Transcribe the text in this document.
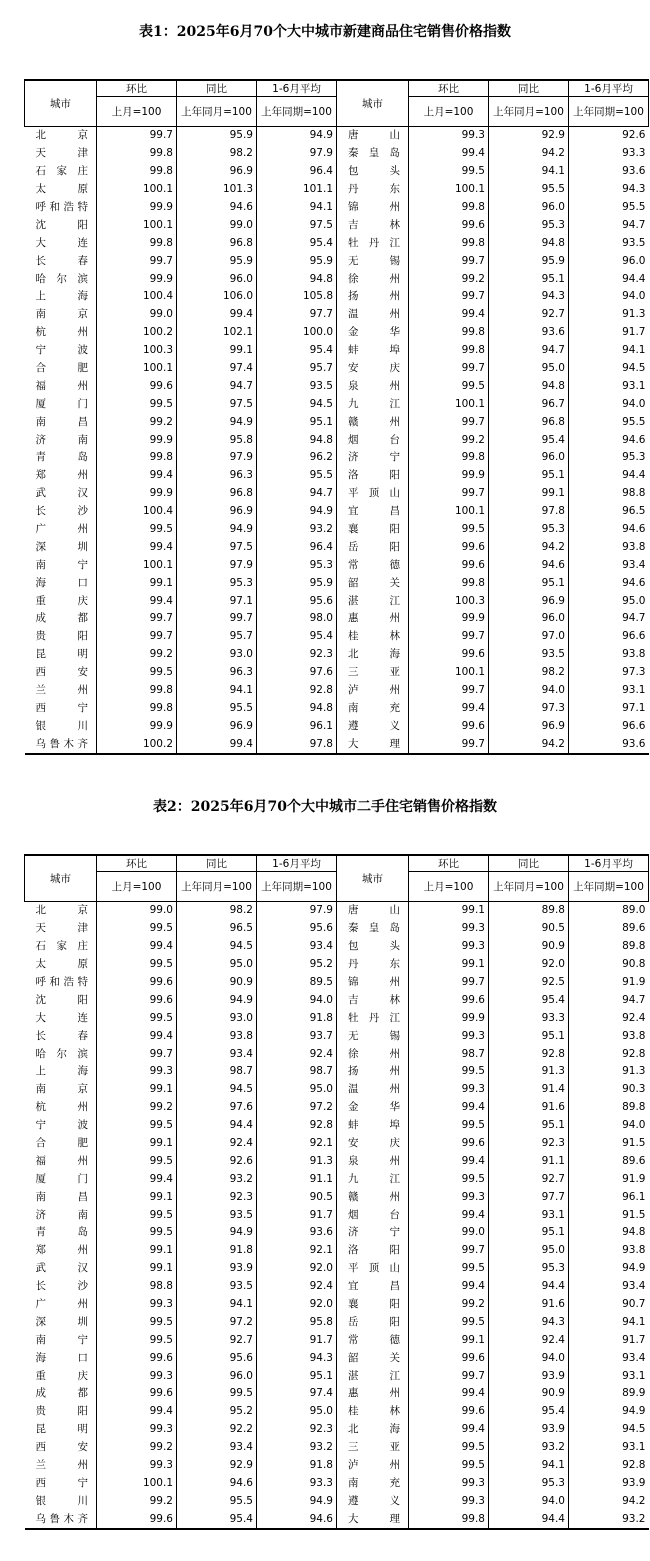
表1：2025年6月70个大中城市新建商品住宅销售价格指数
城市	环比	同比	1-6月平均	城市	环比	同比	1-6月平均
	上月=100	上年同月=100	上年同期=100		上月=100	上年同月=100	上年同期=100
北京	99.7	95.9	94.9	唐山	99.3	92.9	92.6
天津	99.8	98.2	97.9	秦皇岛	99.4	94.2	93.3
石家庄	99.8	96.9	96.4	包头	99.5	94.1	93.6
太原	100.1	101.3	101.1	丹东	100.1	95.5	94.3
呼和浩特	99.9	94.6	94.1	锦州	99.8	96.0	95.5
沈阳	100.1	99.0	97.5	吉林	99.6	95.3	94.7
大连	99.8	96.8	95.4	牡丹江	99.8	94.8	93.5
长春	99.7	95.9	95.9	无锡	99.7	95.9	96.0
哈尔滨	99.9	96.0	94.8	徐州	99.2	95.1	94.4
上海	100.4	106.0	105.8	扬州	99.7	94.3	94.0
南京	99.0	99.4	97.7	温州	99.4	92.7	91.3
杭州	100.2	102.1	100.0	金华	99.8	93.6	91.7
宁波	100.3	99.1	95.4	蚌埠	99.8	94.7	94.1
合肥	100.1	97.4	95.7	安庆	99.7	95.0	94.5
福州	99.6	94.7	93.5	泉州	99.5	94.8	93.1
厦门	99.5	97.5	94.5	九江	100.1	96.7	94.0
南昌	99.2	94.9	95.1	赣州	99.7	96.8	95.5
济南	99.9	95.8	94.8	烟台	99.2	95.4	94.6
青岛	99.8	97.9	96.2	济宁	99.8	96.0	95.3
郑州	99.4	96.3	95.5	洛阳	99.9	95.1	94.4
武汉	99.9	96.8	94.7	平顶山	99.7	99.1	98.8
长沙	100.4	96.9	94.9	宜昌	100.1	97.8	96.5
广州	99.5	94.9	93.2	襄阳	99.5	95.3	94.6
深圳	99.4	97.5	96.4	岳阳	99.6	94.2	93.8
南宁	100.1	97.9	95.3	常德	99.6	94.6	93.4
海口	99.1	95.3	95.9	韶关	99.8	95.1	94.6
重庆	99.4	97.1	95.6	湛江	100.3	96.9	95.0
成都	99.7	99.7	98.0	惠州	99.9	96.0	94.7
贵阳	99.7	95.7	95.4	桂林	99.7	97.0	96.6
昆明	99.2	93.0	92.3	北海	99.6	93.5	93.8
西安	99.5	96.3	97.6	三亚	100.1	98.2	97.3
兰州	99.8	94.1	92.8	泸州	99.7	94.0	93.1
西宁	99.8	95.5	94.8	南充	99.4	97.3	97.1
银川	99.9	96.9	96.1	遵义	99.6	96.9	96.6
乌鲁木齐	100.2	99.4	97.8	大理	99.7	94.2	93.6
表2：2025年6月70个大中城市二手住宅销售价格指数
城市	环比	同比	1-6月平均	城市	环比	同比	1-6月平均
	上月=100	上年同月=100	上年同期=100		上月=100	上年同月=100	上年同期=100
北京	99.0	98.2	97.9	唐山	99.1	89.8	89.0
天津	99.5	96.5	95.6	秦皇岛	99.3	90.5	89.6
石家庄	99.4	94.5	93.4	包头	99.3	90.9	89.8
太原	99.5	95.0	95.2	丹东	99.1	92.0	90.8
呼和浩特	99.6	90.9	89.5	锦州	99.7	92.5	91.9
沈阳	99.6	94.9	94.0	吉林	99.6	95.4	94.7
大连	99.5	93.0	91.8	牡丹江	99.9	93.3	92.4
长春	99.4	93.8	93.7	无锡	99.3	95.1	93.8
哈尔滨	99.7	93.4	92.4	徐州	98.7	92.8	92.8
上海	99.3	98.7	98.7	扬州	99.5	91.3	91.3
南京	99.1	94.5	95.0	温州	99.3	91.4	90.3
杭州	99.2	97.6	97.2	金华	99.4	91.6	89.8
宁波	99.5	94.4	92.8	蚌埠	99.5	95.1	94.0
合肥	99.1	92.4	92.1	安庆	99.6	92.3	91.5
福州	99.5	92.6	91.3	泉州	99.4	91.1	89.6
厦门	99.4	93.2	91.1	九江	99.5	92.7	91.9
南昌	99.1	92.3	90.5	赣州	99.3	97.7	96.1
济南	99.5	93.5	91.7	烟台	99.4	93.1	91.5
青岛	99.5	94.9	93.6	济宁	99.0	95.1	94.8
郑州	99.1	91.8	92.1	洛阳	99.7	95.0	93.8
武汉	99.1	93.9	92.0	平顶山	99.5	95.3	94.9
长沙	98.8	93.5	92.4	宜昌	99.4	94.4	93.4
广州	99.3	94.1	92.0	襄阳	99.2	91.6	90.7
深圳	99.5	97.2	95.8	岳阳	99.5	94.3	94.1
南宁	99.5	92.7	91.7	常德	99.1	92.4	91.7
海口	99.6	95.6	94.3	韶关	99.6	94.0	93.4
重庆	99.3	96.0	95.1	湛江	99.7	93.9	93.1
成都	99.6	99.5	97.4	惠州	99.4	90.9	89.9
贵阳	99.4	95.2	95.0	桂林	99.6	95.4	94.9
昆明	99.3	92.2	92.3	北海	99.4	93.9	94.5
西安	99.2	93.4	93.2	三亚	99.5	93.2	93.1
兰州	99.3	92.9	91.8	泸州	99.5	94.1	92.8
西宁	100.1	94.6	93.3	南充	99.3	95.3	93.9
银川	99.2	95.5	94.9	遵义	99.3	94.0	94.2
乌鲁木齐	99.6	95.4	94.6	大理	99.8	94.4	93.2
